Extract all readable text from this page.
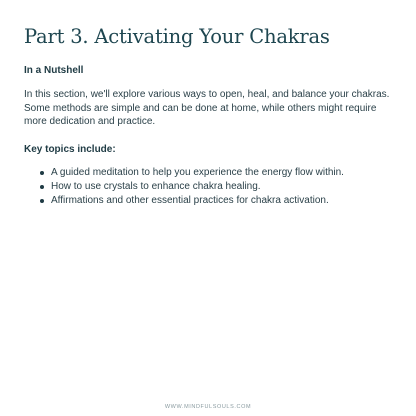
Part 3. Activating Your Chakras
In a Nutshell

In this section, we'll explore various ways to open, heal, and balance your chakras. Some methods are simple and can be done at home, while others might require more dedication and practice.

Key topics include:
A guided meditation to help you experience the energy flow within.
How to use crystals to enhance chakra healing.
Affirmations and other essential practices for chakra activation.
WWW.MINDFULSOULS.COM
